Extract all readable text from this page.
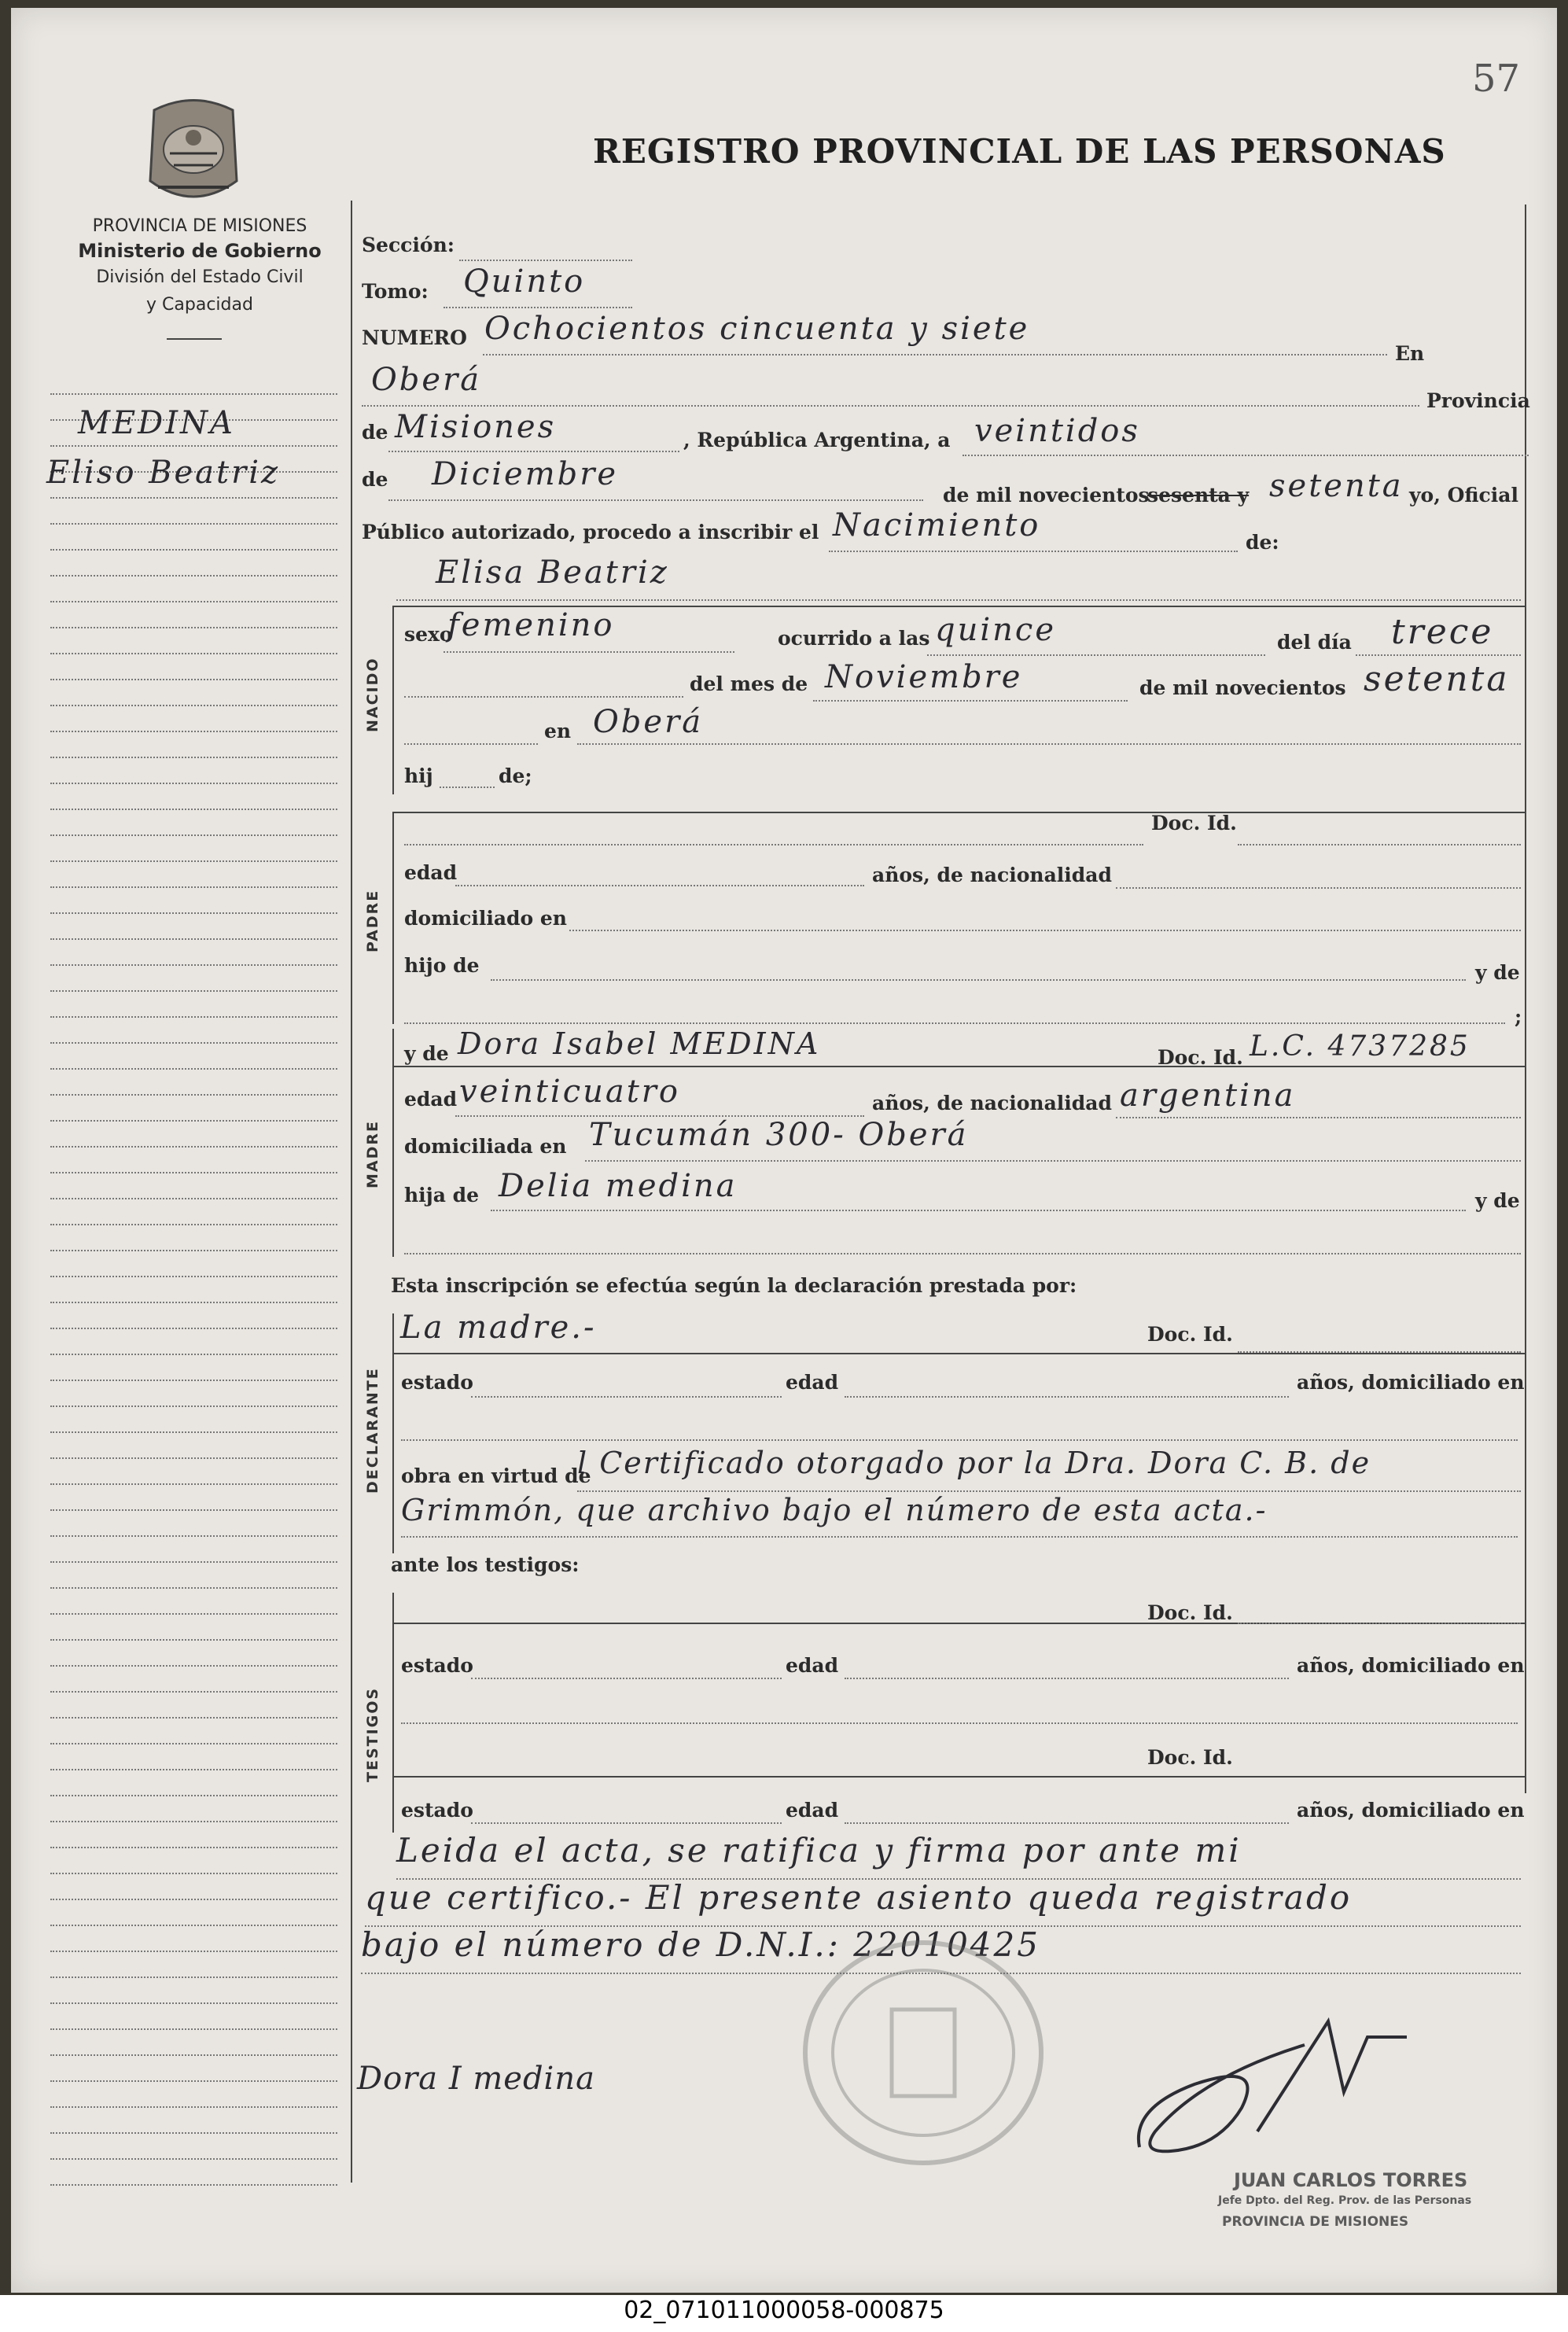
57
PROVINCIA DE MISIONES
Ministerio de Gobierno
División del Estado Civil
y Capacidad
REGISTRO PROVINCIAL DE LAS PERSONAS
MEDINA
Eliso Beatriz
Sección:
Tomo: Quinto
NUMERO Ochocientos cincuenta y siete
En
Oberá
Provincia
de Misiones	, República Argentina, a veintidos
de Diciembre
de mil novecientos
sesenta y setenta yo, Oficial
Público autorizado, procedo a inscribir el Nacimiento	de:
Elisa Beatriz
NACIDO
sexo
femenino	ocurrido a las quince	del día trece
del mes de Noviembre	de mil novecientos setenta
en Oberá
hij	de;
PADRE
Doc. Id.
edad	años, de nacionalidad
domiciliado en
hijo de	y de
;
MADRE
y de Dora Isabel MEDINA	Doc. Id. L.C. 4737285
edad veinticuatro	años, de nacionalidad argentina
domiciliada en Tucumán 300- Oberá
hija de Delia medina	y de
Esta inscripción se efectúa según la declaración prestada por:
DECLARANTE
La madre.-	Doc. Id.
estado	edad	años, domiciliado en
obra en virtud de
l Certificado otorgado por la Dra. Dora C. B. de
Grimmón, que archivo bajo el número de esta acta.-
ante los testigos:
TESTIGOS
Doc. Id.
estado	edad	años, domiciliado en
Doc. Id.
estado	edad	años, domiciliado en
Leida el acta, se ratifica y firma por ante mi
que certifico.- El presente asiento queda registrado
bajo el número de D.N.I.: 22010425
Dora I medina
JUAN CARLOS TORRES
Jefe Dpto. del Reg. Prov. de las Personas
PROVINCIA DE MISIONES
02_071011000058-000875
